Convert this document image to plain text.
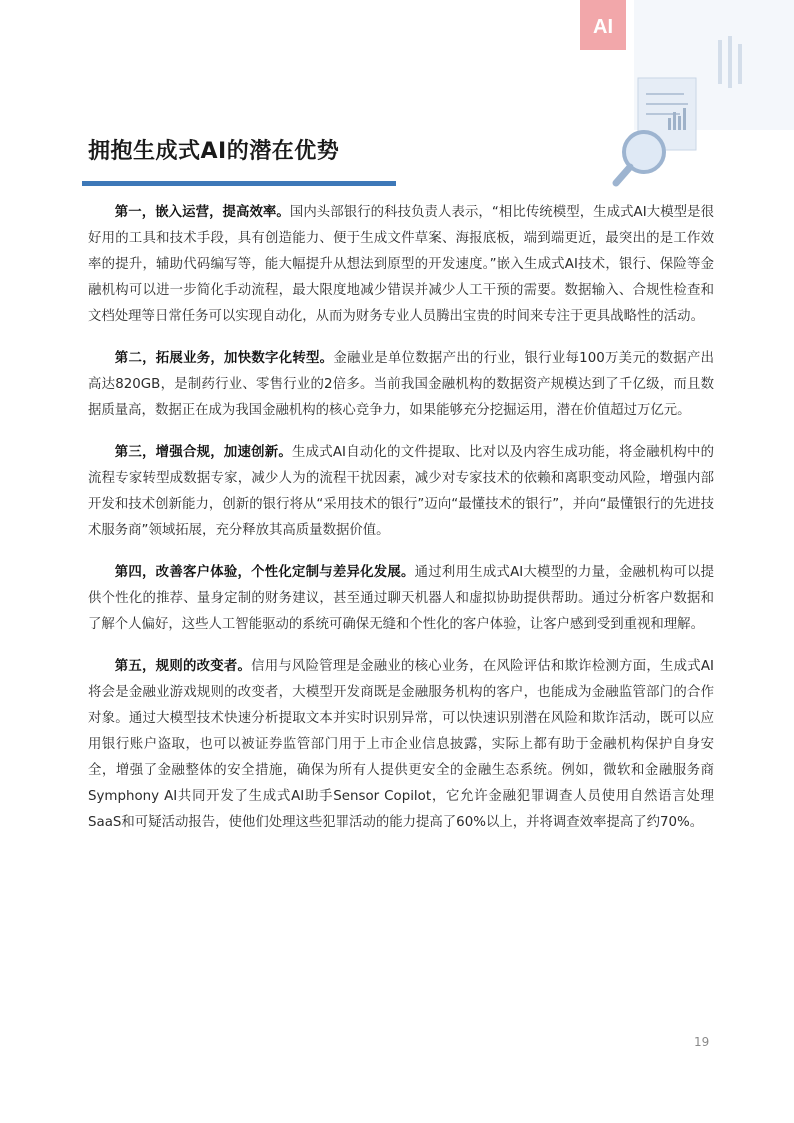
AI
拥抱生成式AI的潜在优势

第一，嵌入运营，提高效率。国内头部银行的科技负责人表示，“相比传统模型，生成式AI大模型是很好用的工具和技术手段，具有创造能力、便于生成文件草案、海报底板，端到端更近，最突出的是工作效率的提升，辅助代码编写等，能大幅提升从想法到原型的开发速度。”嵌入生成式AI技术，银行、保险等金融机构可以进一步简化手动流程，最大限度地减少错误并减少人工干预的需要。数据输入、合规性检查和文档处理等日常任务可以实现自动化，从而为财务专业人员腾出宝贵的时间来专注于更具战略性的活动。

第二，拓展业务，加快数字化转型。金融业是单位数据产出的行业，银行业每100万美元的数据产出高达820GB，是制药行业、零售行业的2倍多。当前我国金融机构的数据资产规模达到了千亿级，而且数据质量高，数据正在成为我国金融机构的核心竞争力，如果能够充分挖掘运用，潜在价值超过万亿元。

第三，增强合规，加速创新。生成式AI自动化的文件提取、比对以及内容生成功能，将金融机构中的流程专家转型成数据专家，减少人为的流程干扰因素，减少对专家技术的依赖和离职变动风险，增强内部开发和技术创新能力，创新的银行将从“采用技术的银行”迈向“最懂技术的银行”，并向“最懂银行的先进技术服务商”领域拓展，充分释放其高质量数据价值。

第四，改善客户体验，个性化定制与差异化发展。通过利用生成式AI大模型的力量，金融机构可以提供个性化的推荐、量身定制的财务建议，甚至通过聊天机器人和虚拟协助提供帮助。通过分析客户数据和了解个人偏好，这些人工智能驱动的系统可确保无缝和个性化的客户体验，让客户感到受到重视和理解。

第五，规则的改变者。信用与风险管理是金融业的核心业务，在风险评估和欺诈检测方面，生成式AI将会是金融业游戏规则的改变者，大模型开发商既是金融服务机构的客户，也能成为金融监管部门的合作对象。通过大模型技术快速分析提取文本并实时识别异常，可以快速识别潜在风险和欺诈活动，既可以应用银行账户盗取，也可以被证券监管部门用于上市企业信息披露，实际上都有助于金融机构保护自身安全，增强了金融整体的安全措施，确保为所有人提供更安全的金融生态系统。例如，微软和金融服务商Symphony AI共同开发了生成式AI助手Sensor Copilot，它允许金融犯罪调查人员使用自然语言处理SaaS和可疑活动报告，使他们处理这些犯罪活动的能力提高了60%以上，并将调查效率提高了约70%。

19
